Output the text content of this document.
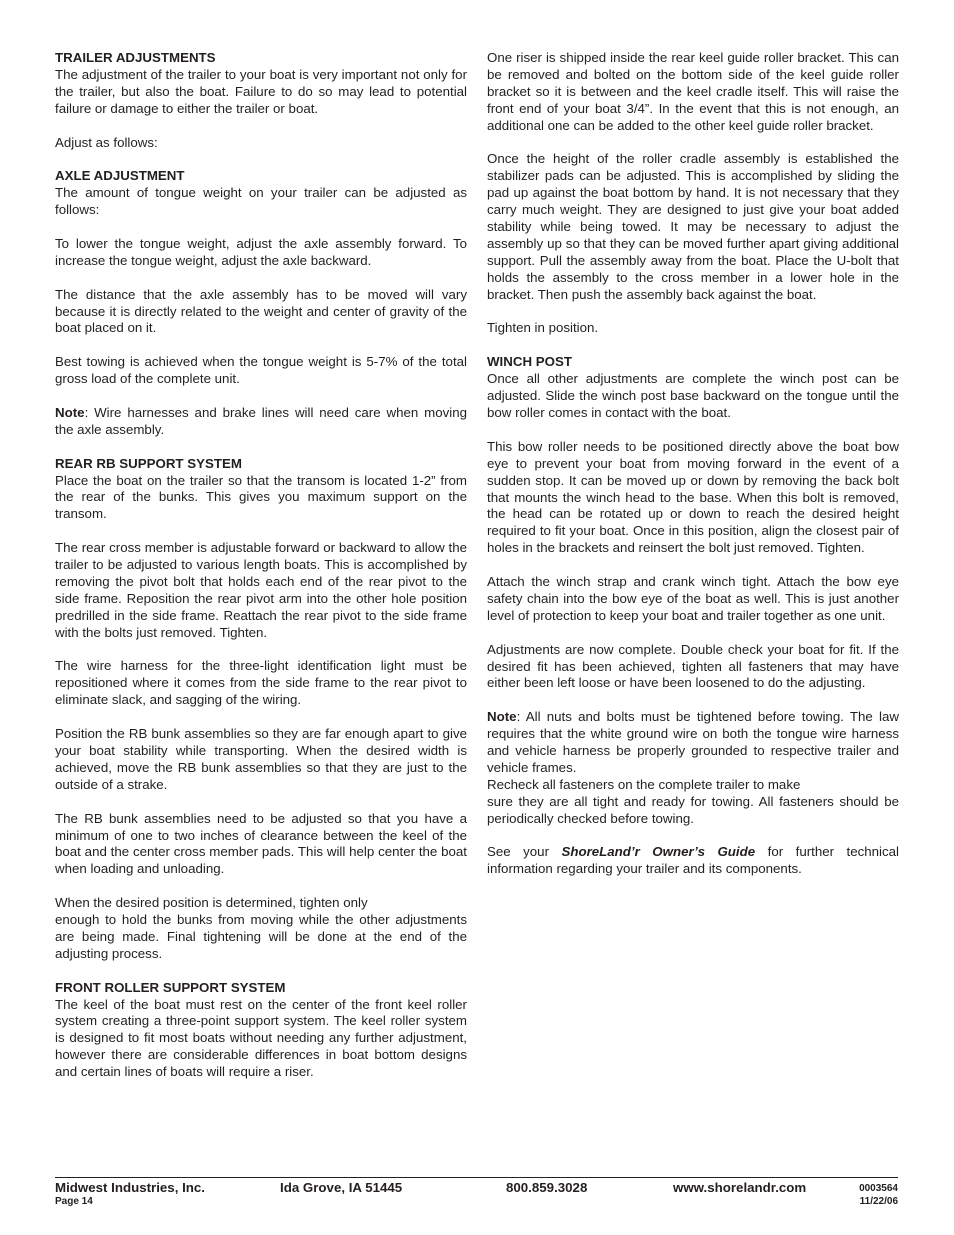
TRAILER ADJUSTMENTS

The adjustment of the trailer to your boat is very important not only for the trailer, but also the boat. Failure to do so may lead to potential failure or damage to either the trailer or boat.

Adjust as follows:

AXLE ADJUSTMENT

The amount of tongue weight on your trailer can be adjusted as follows:

To lower the tongue weight, adjust the axle assembly forward. To increase the tongue weight, adjust the axle backward.

The distance that the axle assembly has to be moved will vary because it is directly related to the weight and center of gravity of the boat placed on it.

Best towing is achieved when the tongue weight is 5-7% of the total gross load of the complete unit.

Note: Wire harnesses and brake lines will need care when moving the axle assembly.

REAR RB SUPPORT SYSTEM

Place the boat on the trailer so that the transom is located 1-2” from the rear of the bunks. This gives you maximum support on the transom.

The rear cross member is adjustable forward or backward to allow the trailer to be adjusted to various length boats. This is accomplished by removing the pivot bolt that holds each end of the rear pivot to the side frame. Reposition the rear pivot arm into the other hole position predrilled in the side frame. Reattach the rear pivot to the side frame with the bolts just removed. Tighten.

The wire harness for the three-light identification light must be repositioned where it comes from the side frame to the rear pivot to eliminate slack, and sagging of the wiring.

Position the RB bunk assemblies so they are far enough apart to give your boat stability while transporting. When the desired width is achieved, move the RB bunk assemblies so that they are just to the outside of a strake.

The RB bunk assemblies need to be adjusted so that you have a minimum of one to two inches of clearance between the keel of the boat and the center cross member pads. This will help center the boat when loading and unloading.

When the desired position is determined, tighten only
enough to hold the bunks from moving while the other adjustments are being made. Final tightening will be done at the end of the adjusting process.

FRONT ROLLER SUPPORT SYSTEM

The keel of the boat must rest on the center of the front keel roller system creating a three-point support system. The keel roller system is designed to fit most boats without needing any further adjustment, however there are considerable differences in boat bottom designs and certain lines of boats will require a riser.

One riser is shipped inside the rear keel guide roller bracket. This can be removed and bolted on the bottom side of the keel guide roller bracket so it is between and the keel cradle itself. This will raise the front end of your boat 3/4”. In the event that this is not enough, an additional one can be added to the other keel guide roller bracket.

Once the height of the roller cradle assembly is established the stabilizer pads can be adjusted. This is accomplished by sliding the pad up against the boat bottom by hand. It is not necessary that they carry much weight. They are designed to just give your boat added stability while being towed. It may be necessary to adjust the assembly up so that they can be moved further apart giving additional support. Pull the assembly away from the boat. Place the U-bolt that holds the assembly to the cross member in a lower hole in the bracket. Then push the assembly back against the boat.

Tighten in position.

WINCH POST

Once all other adjustments are complete the winch post can be adjusted. Slide the winch post base backward on the tongue until the bow roller comes in contact with the boat.

This bow roller needs to be positioned directly above the boat bow eye to prevent your boat from moving forward in the event of a sudden stop. It can be moved up or down by removing the back bolt that mounts the winch head to the base. When this bolt is removed, the head can be rotated up or down to reach the desired height required to fit your boat. Once in this position, align the closest pair of holes in the brackets and reinsert the bolt just removed. Tighten.

Attach the winch strap and crank winch tight. Attach the bow eye safety chain into the bow eye of the boat as well. This is just another level of protection to keep your boat and trailer together as one unit.

Adjustments are now complete. Double check your boat for fit. If the desired fit has been achieved, tighten all fasteners that may have either been left loose or have been loosened to do the adjusting.

Note: All nuts and bolts must be tightened before towing. The law requires that the white ground wire on both the tongue wire harness and vehicle harness be properly grounded to respective trailer and vehicle frames.

Recheck all fasteners on the complete trailer to make
sure they are all tight and ready for towing. All fasteners should be periodically checked before towing.

See your ShoreLand’r Owner’s Guide for further technical information regarding your trailer and its components.

Midwest Industries, Inc.
Page 14
Ida Grove, IA 51445	800.859.3028	www.shorelandr.com	0003564
11/22/06
